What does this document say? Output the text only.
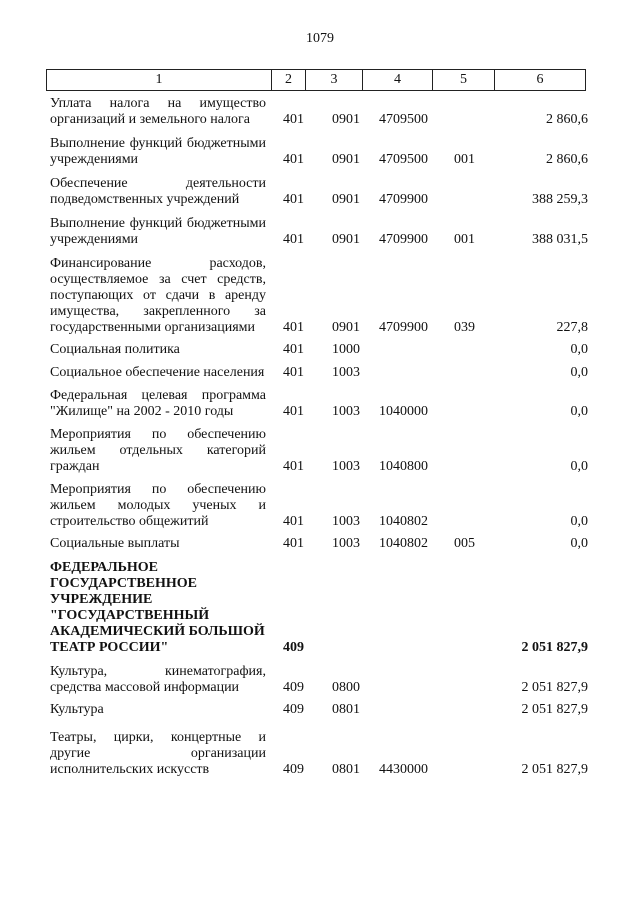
1079
1	2	3	4	5	6
Уплата налога на имущество организаций и земельного налога	401 0901 4709500	2 860,6
Выполнение функций бюджетными учреждениями	401 0901 4709500 001	2 860,6
Обеспечение деятельности подведомственных учреждений	401 0901 4709900	388 259,3
Выполнение функций бюджетными учреждениями	401 0901 4709900 001	388 031,5
Финансирование расходов, осуществляемое за счет средств, поступающих от сдачи в аренду имущества, закрепленного за государственными организациями	401 0901 4709900 039	227,8
Социальная политика	401 1000	0,0
Социальное обеспечение населения 401 1003	0,0
Федеральная целевая программа "Жилище" на 2002 - 2010 годы	401 1003 1040000	0,0
Мероприятия по обеспечению жильем отдельных категорий граждан	401 1003 1040800	0,0
Мероприятия по обеспечению жильем молодых ученых и строительство общежитий	401 1003 1040802	0,0
Социальные выплаты	401 1003 1040802 005	0,0
ФЕДЕРАЛЬНОЕ ГОСУДАРСТВЕННОЕ УЧРЕЖДЕНИЕ "ГОСУДАРСТВЕННЫЙ АКАДЕМИЧЕСКИЙ БОЛЬШОЙ ТЕАТР РОССИИ"	409	2 051 827,9
Культура, кинематография, средства массовой информации	409 0800	2 051 827,9
Культура	409 0801	2 051 827,9
Театры, цирки, концертные и другие организации исполнительских искусств	409 0801 4430000	2 051 827,9
